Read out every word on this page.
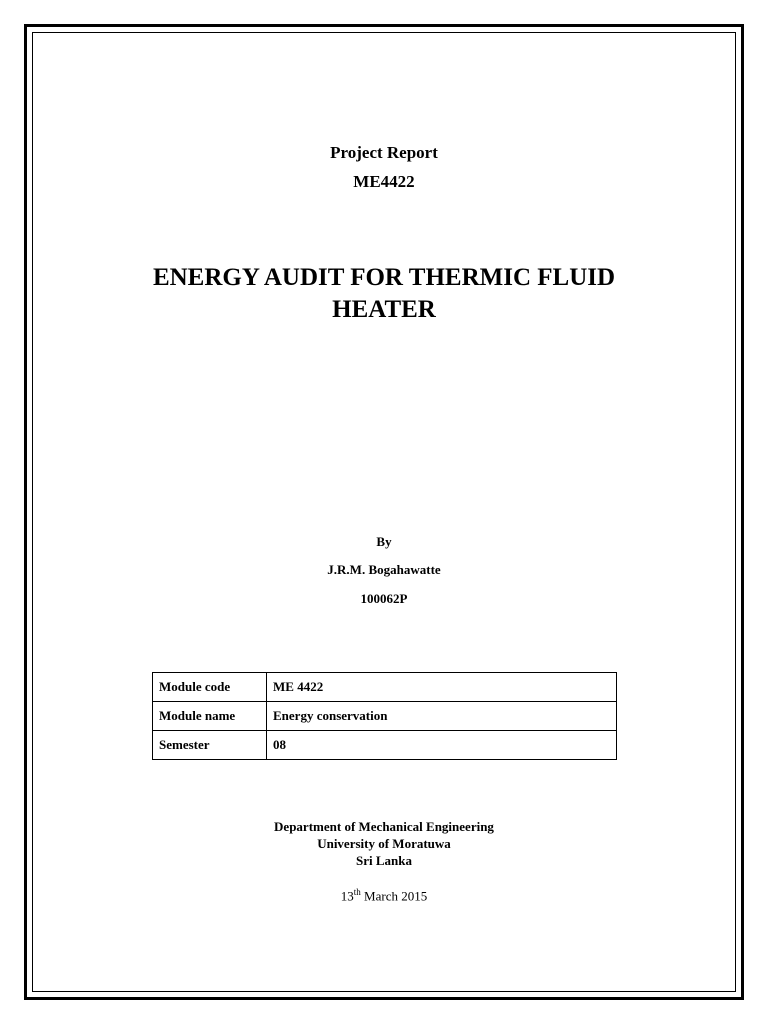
Project Report
ME4422
ENERGY AUDIT FOR THERMIC FLUID
HEATER
By
J.R.M. Bogahawatte
100062P
Module code	ME 4422
Module name	Energy conservation
Semester	08
Department of Mechanical Engineering
University of Moratuwa
Sri Lanka
13th March 2015
